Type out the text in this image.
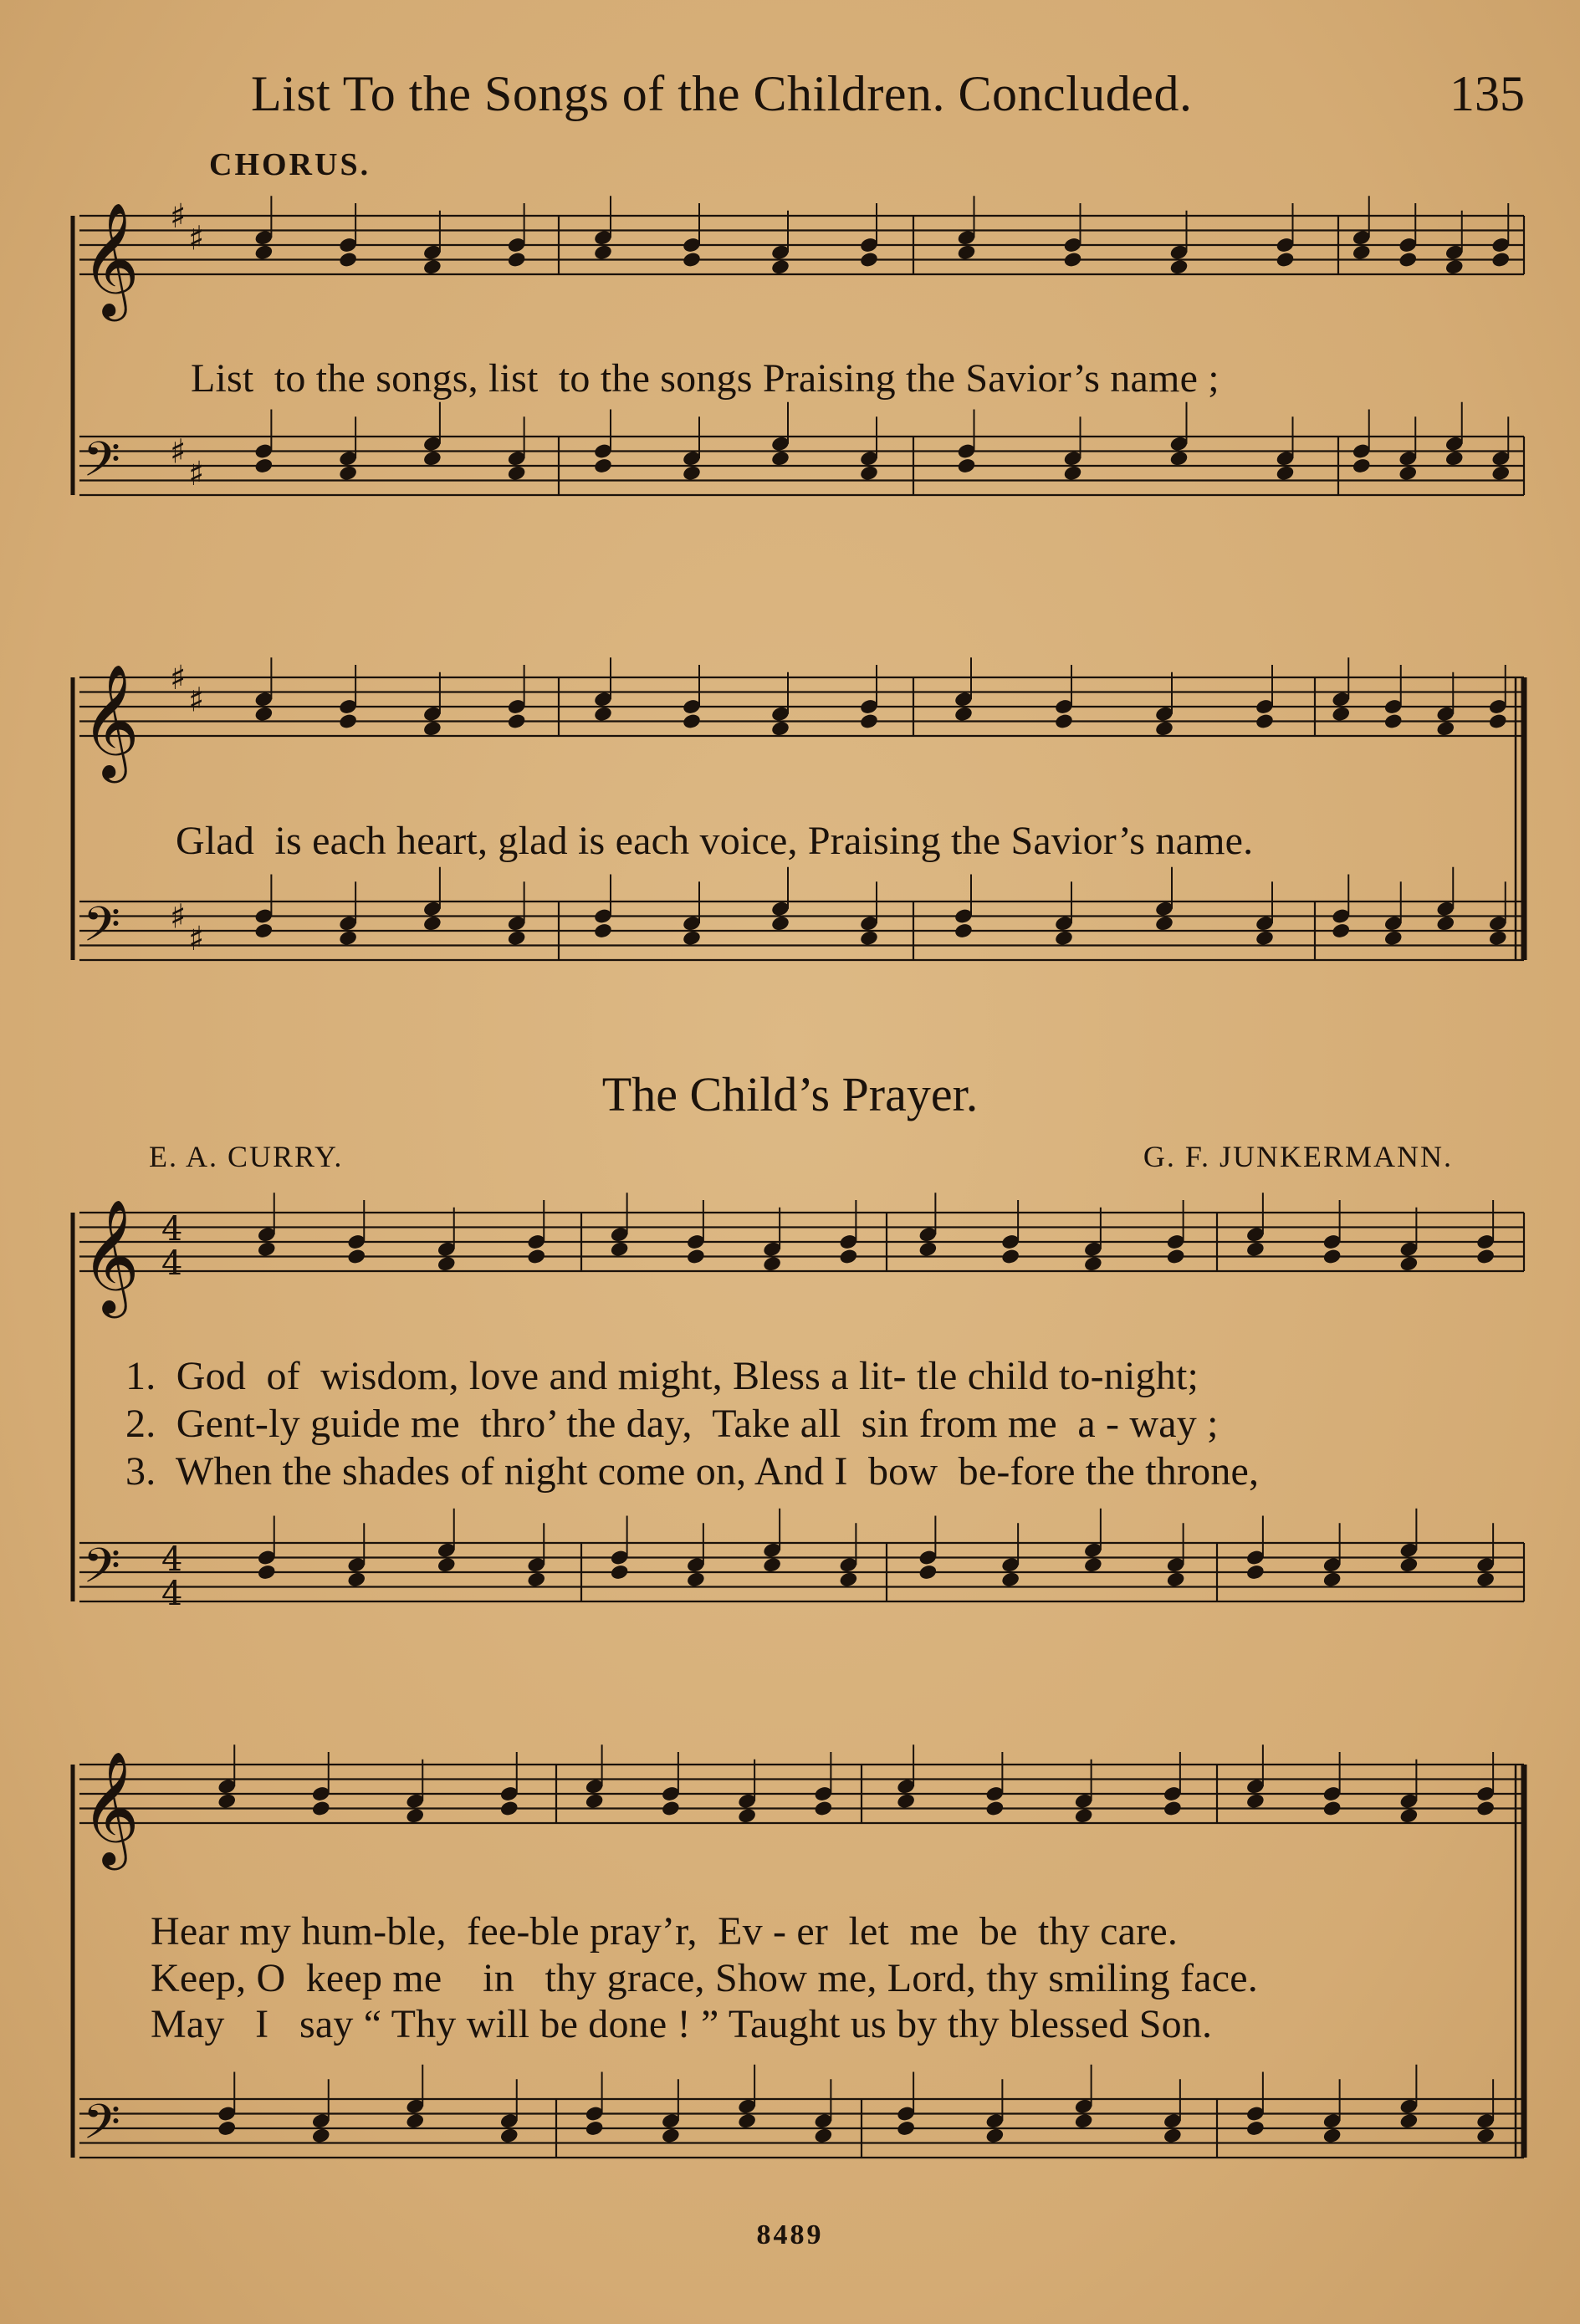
List To the Songs of the Children. Concluded.	135
CHORUS.
List  to the songs, list  to the songs Praising the Savior’s name ;
Glad  is each heart, glad is each voice, Praising the Savior’s name.
The Child’s Prayer.
E. A. CURRY.	G. F. JUNKERMANN.
1.  God  of  wisdom, love and might, Bless a lit- tle child to-night;
2.  Gent-ly guide me  thro’ the day,  Take all  sin from me  a - way ;
3.  When the shades of night come on, And I  bow  be-fore the throne,
Hear my hum-ble,  fee-ble pray’r,  Ev - er  let  me  be  thy care.
Keep, O  keep me    in   thy grace, Show me, Lord, thy smiling face.
May   I   say “ Thy will be done ! ” Taught us by thy blessed Son.
𝄞 ♯
♯
𝄢 ♯
♯
𝄞 ♯
♯
𝄢 ♯
♯
𝄞 4
4
𝄢 4
4
𝄞
𝄢
8489
